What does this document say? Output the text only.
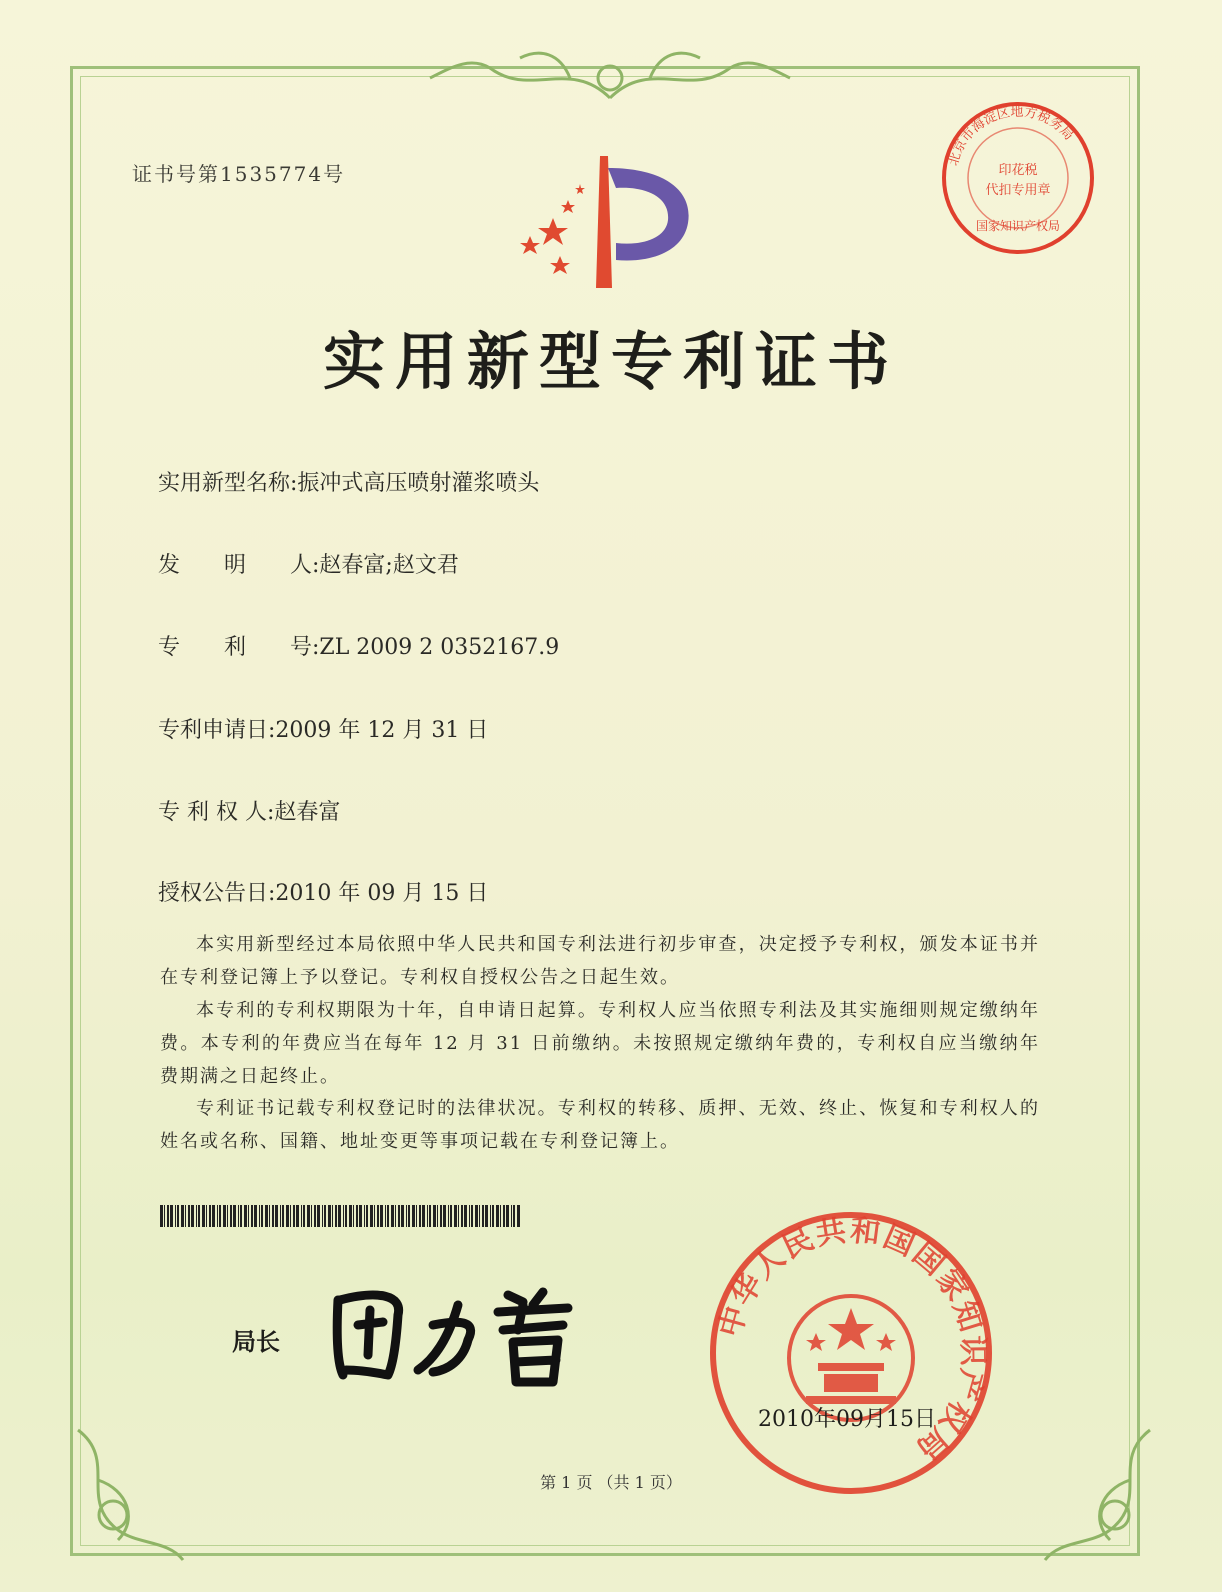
证书号第1535774号
实用新型专利证书
实用新型名称:振冲式高压喷射灌浆喷头
发　　明　　人:赵春富;赵文君
专　　利　　号:ZL 2009 2 0352167.9
专利申请日:2009 年 12 月 31 日
专 利 权 人:赵春富
授权公告日:2010 年 09 月 15 日
本实用新型经过本局依照中华人民共和国专利法进行初步审查，决定授予专利权，颁发本证书并在专利登记簿上予以登记。专利权自授权公告之日起生效。
本专利的专利权期限为十年，自申请日起算。专利权人应当依照专利法及其实施细则规定缴纳年费。本专利的年费应当在每年 12 月 31 日前缴纳。未按照规定缴纳年费的，专利权自应当缴纳年费期满之日起终止。
专利证书记载专利权登记时的法律状况。专利权的转移、质押、无效、终止、恢复和专利权人的姓名或名称、国籍、地址变更等事项记载在专利登记簿上。
局长
北京市海淀区地方税务局
印花税
代扣专用章
国家知识产权局
中华人民共和国国家知识产权局
2010年09月15日
第 1 页 （共 1 页）
